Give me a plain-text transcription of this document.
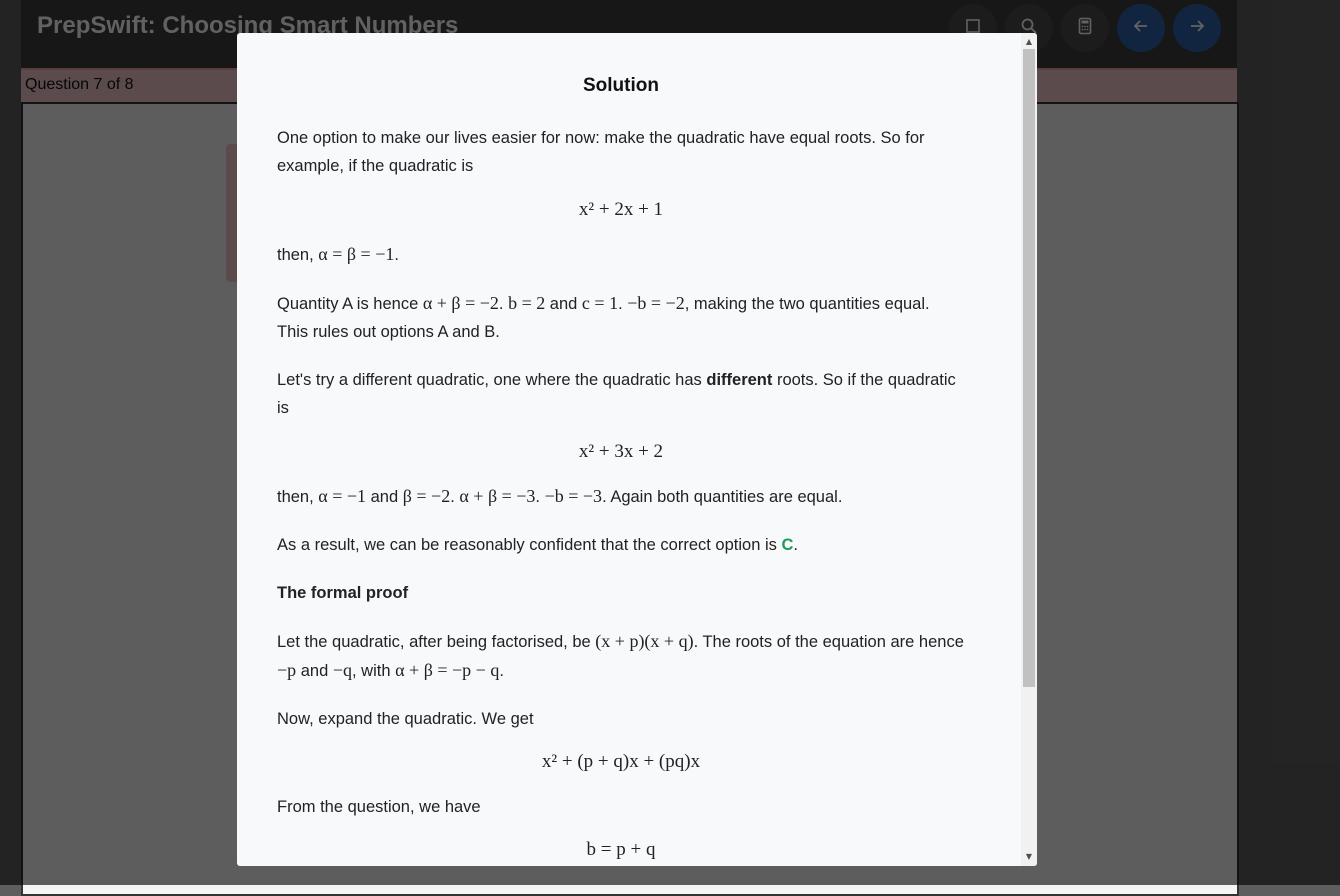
Solution

One option to make our lives easier for now: make the quadratic have equal roots. So for example, if the quadratic is

x² + 2x + 1

then, α = β = −1.

Quantity A is hence α + β = −2. b = 2 and c = 1. −b = −2, making the two quantities equal. This rules out options A and B.

Let's try a different quadratic, one where the quadratic has different roots. So if the quadratic is

x² + 3x + 2

then, α = −1 and β = −2. α + β = −3. −b = −3. Again both quantities are equal.

As a result, we can be reasonably confident that the correct option is C.

The formal proof

Let the quadratic, after being factorised, be (x + p)(x + q). The roots of the equation are hence −p and −q, with α + β = −p − q.

Now, expand the quadratic. We get

x² + (p + q)x + (pq)x

From the question, we have

b = p + q
▲
▼
